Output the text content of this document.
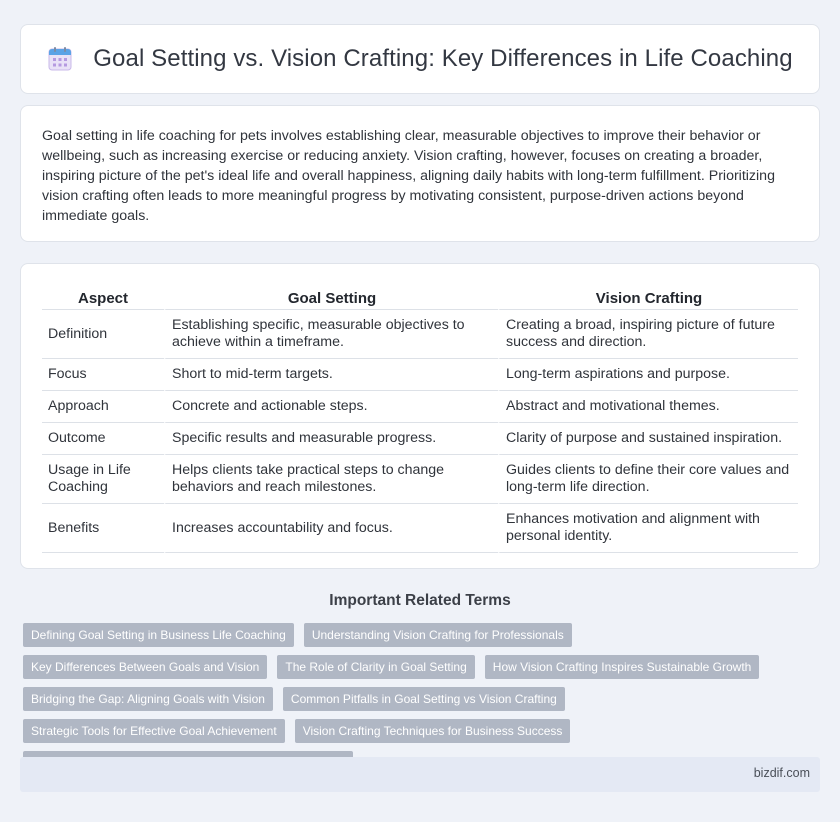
Goal Setting vs. Vision Crafting: Key Differences in Life Coaching

Goal setting in life coaching for pets involves establishing clear, measurable objectives to improve their behavior or wellbeing, such as increasing exercise or reducing anxiety. Vision crafting, however, focuses on creating a broader, inspiring picture of the pet's ideal life and overall happiness, aligning daily habits with long-term fulfillment. Prioritizing vision crafting often leads to more meaningful progress by motivating consistent, purpose-driven actions beyond immediate goals.

Aspect	Goal Setting	Vision Crafting
Definition	Establishing specific, measurable objectives to achieve within a timeframe.	Creating a broad, inspiring picture of future success and direction.
Focus	Short to mid-term targets.	Long-term aspirations and purpose.
Approach	Concrete and actionable steps.	Abstract and motivational themes.
Outcome	Specific results and measurable progress.	Clarity of purpose and sustained inspiration.
Usage in Life Coaching	Helps clients take practical steps to change behaviors and reach milestones.	Guides clients to define their core values and long-term life direction.
Benefits	Increases accountability and focus.	Enhances motivation and alignment with personal identity.
Important Related Terms
Defining Goal Setting in Business Life Coaching	Understanding Vision Crafting for Professionals
Key Differences Between Goals and Vision	The Role of Clarity in Goal Setting	How Vision Crafting Inspires Sustainable Growth
Bridging the Gap: Aligning Goals with Vision	Common Pitfalls in Goal Setting vs Vision Crafting
Strategic Tools for Effective Goal Achievement	Vision Crafting Techniques for Business Success
bizdif.com
